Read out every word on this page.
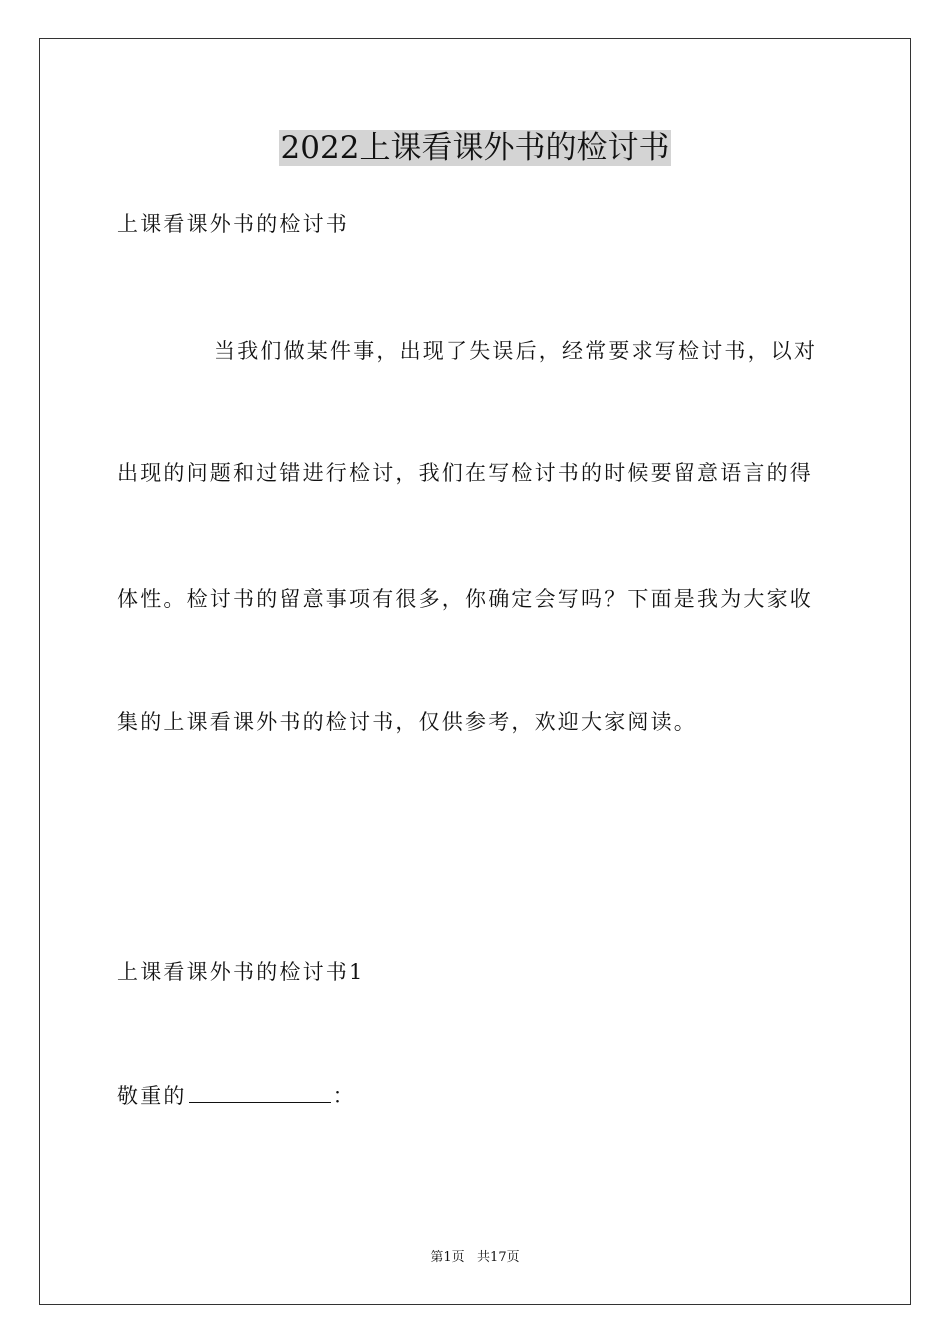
2022上课看课外书的检讨书
上课看课外书的检讨书
当我们做某件事，出现了失误后，经常要求写检讨书，以对
出现的问题和过错进行检讨，我们在写检讨书的时候要留意语言的得
体性。检讨书的留意事项有很多，你确定会写吗？下面是我为大家收
集的上课看课外书的检讨书，仅供参考，欢迎大家阅读。
上课看课外书的检讨书1
敬重的	：
第1页   共17页
